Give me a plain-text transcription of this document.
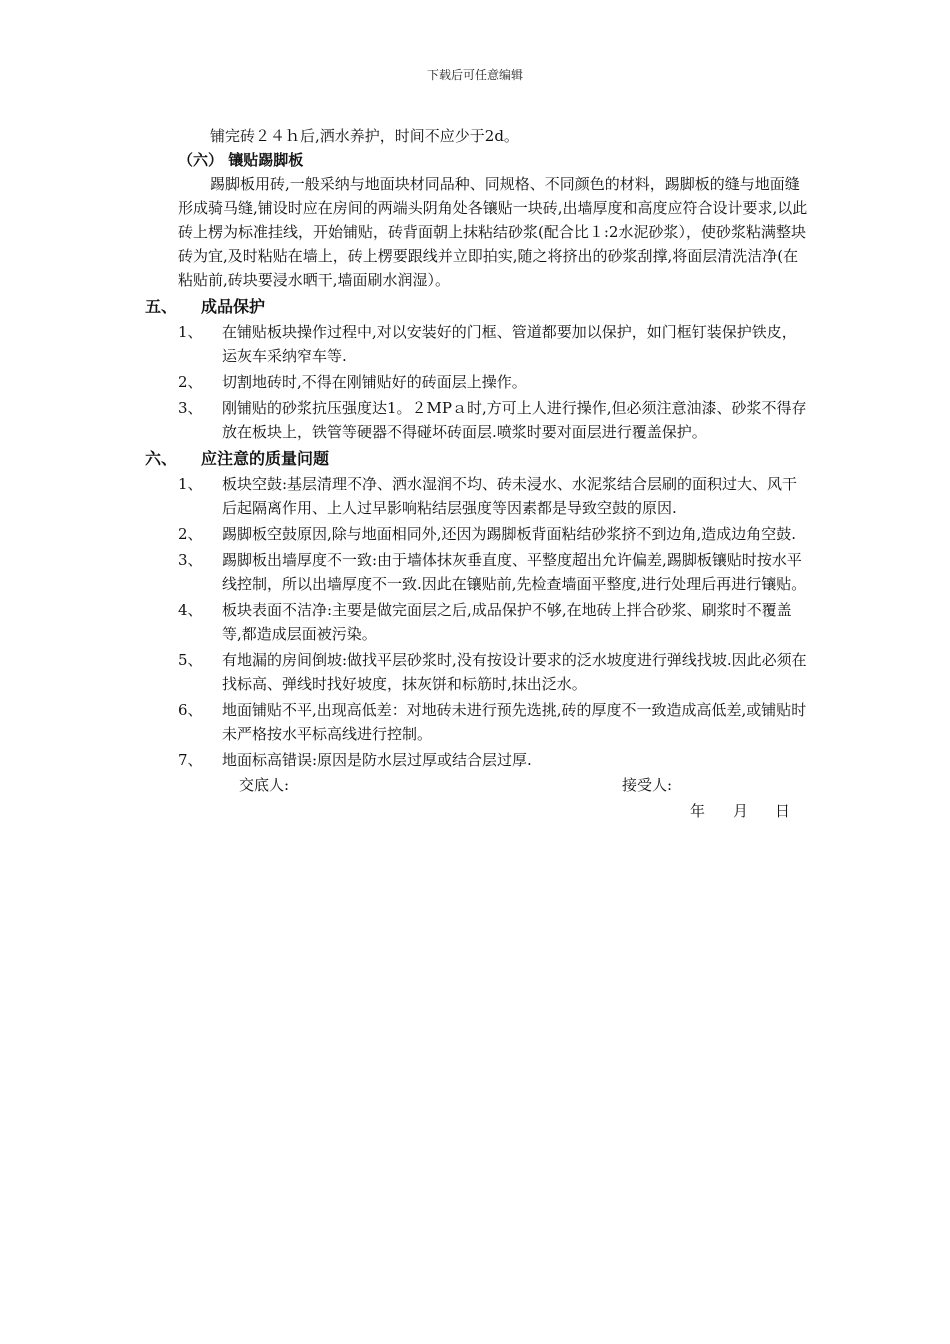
下载后可任意编辑

铺完砖２４ｈ后,洒水养护，时间不应少于2d。

（六） 镶贴踢脚板

踢脚板用砖,一般采纳与地面块材同品种、同规格、不同颜色的材料，踢脚板的缝与地面缝形成骑马缝,铺设时应在房间的两端头阴角处各镶贴一块砖,出墙厚度和高度应符合设计要求,以此砖上楞为标准挂线，开始铺贴，砖背面朝上抹粘结砂浆(配合比１:2水泥砂浆），使砂浆粘满整块砖为宜,及时粘贴在墙上，砖上楞要跟线并立即拍实,随之将挤出的砂浆刮撑,将面层清洗洁净(在粘贴前,砖块要浸水晒干,墙面刷水润湿）。

五、 成品保护
1、	在铺贴板块操作过程中,对以安装好的门框、管道都要加以保护，如门框钉装保护铁皮，运灰车采纳窄车等.
2、	切割地砖时,不得在刚铺贴好的砖面层上操作。
3、	刚铺贴的砂浆抗压强度达1。２MPａ时,方可上人进行操作,但必须注意油漆、砂浆不得存放在板块上，铁管等硬器不得碰坏砖面层.喷浆时要对面层进行覆盖保护。
六、 应注意的质量问题
1、	板块空鼓:基层清理不净、洒水湿润不均、砖未浸水、水泥浆结合层刷的面积过大、风干后起隔离作用、上人过早影响粘结层强度等因素都是导致空鼓的原因.
2、	踢脚板空鼓原因,除与地面相同外,还因为踢脚板背面粘结砂浆挤不到边角,造成边角空鼓.
3、	踢脚板出墙厚度不一致:由于墙体抹灰垂直度、平整度超出允许偏差,踢脚板镶贴时按水平线控制，所以出墙厚度不一致.因此在镶贴前,先检查墙面平整度,进行处理后再进行镶贴。
4、	板块表面不洁净:主要是做完面层之后,成品保护不够,在地砖上拌合砂浆、刷浆时不覆盖等,都造成层面被污染。
5、	有地漏的房间倒坡:做找平层砂浆时,没有按设计要求的泛水坡度进行弹线找坡.因此必须在找标高、弹线时找好坡度，抹灰饼和标筋时,抹出泛水。
6、	地面铺贴不平,出现高低差：对地砖未进行预先选挑,砖的厚度不一致造成高低差,或铺贴时未严格按水平标高线进行控制。
7、	地面标高错误:原因是防水层过厚或结合层过厚.
交底人:	接受人:
年 月 日
